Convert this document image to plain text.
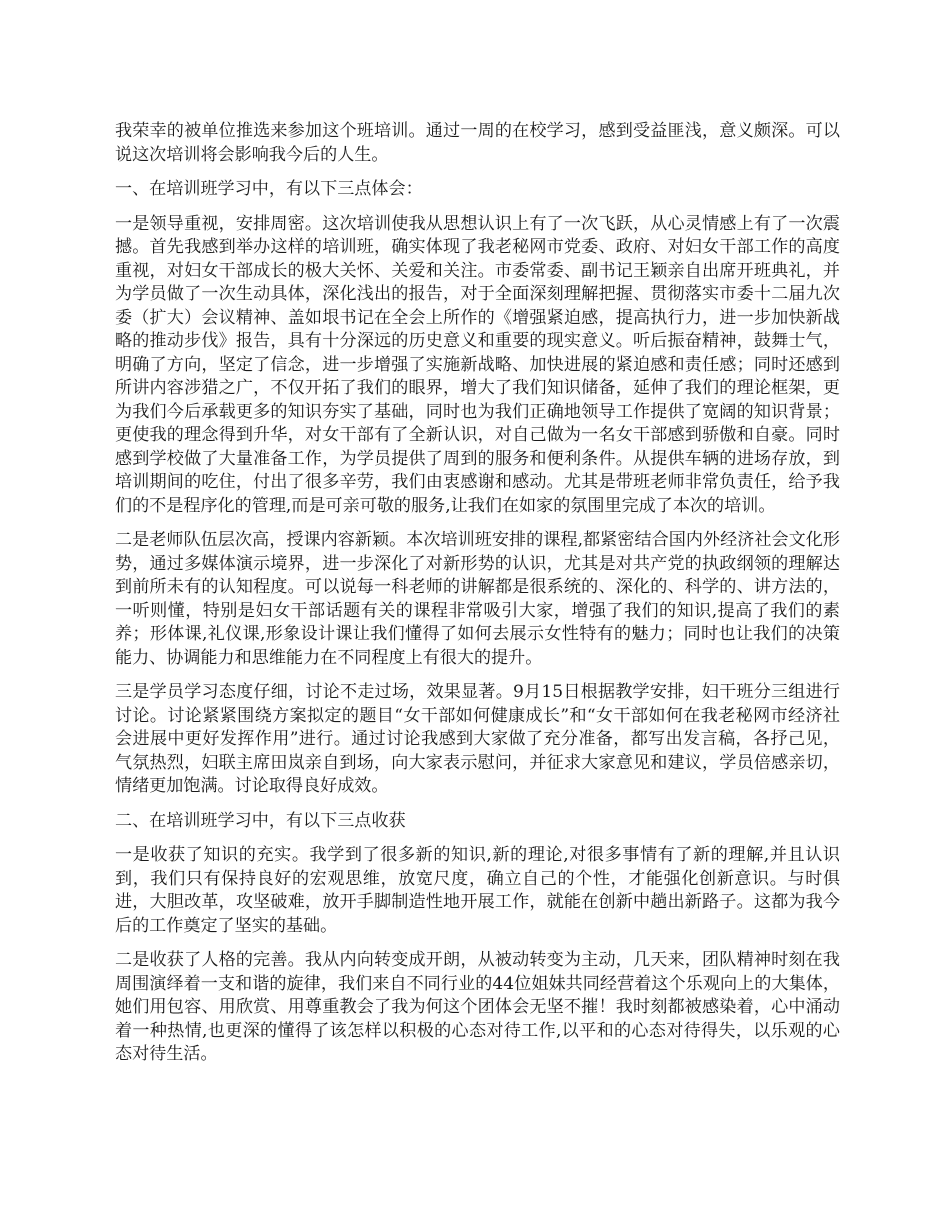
我荣幸的被单位推选来参加这个班培训。通过一周的在校学习，感到受益匪浅，意义颇深。可以说这次培训将会影响我今后的人生。

一、在培训班学习中，有以下三点体会：

一是领导重视，安排周密。这次培训使我从思想认识上有了一次飞跃，从心灵情感上有了一次震撼。首先我感到举办这样的培训班，确实体现了我老秘网市党委、政府、对妇女干部工作的高度重视，对妇女干部成长的极大关怀、关爱和关注。市委常委、副书记王颖亲自出席开班典礼，并为学员做了一次生动具体，深化浅出的报告，对于全面深刻理解把握、贯彻落实市委十二届九次委（扩大）会议精神、盖如垠书记在全会上所作的《增强紧迫感，提高执行力，进一步加快新战略的推动步伐》报告，具有十分深远的历史意义和重要的现实意义。听后振奋精神，鼓舞士气，明确了方向，坚定了信念，进一步增强了实施新战略、加快进展的紧迫感和责任感；同时还感到所讲内容涉猎之广，不仅开拓了我们的眼界，增大了我们知识储备，延伸了我们的理论框架，更为我们今后承载更多的知识夯实了基础，同时也为我们正确地领导工作提供了宽阔的知识背景；更使我的理念得到升华，对女干部有了全新认识，对自己做为一名女干部感到骄傲和自豪。同时感到学校做了大量准备工作，为学员提供了周到的服务和便利条件。从提供车辆的进场存放，到培训期间的吃住，付出了很多辛劳，我们由衷感谢和感动。尤其是带班老师非常负责任，给予我们的不是程序化的管理,而是可亲可敬的服务,让我们在如家的氛围里完成了本次的培训。

二是老师队伍层次高，授课内容新颖。本次培训班安排的课程,都紧密结合国内外经济社会文化形势，通过多媒体演示境界，进一步深化了对新形势的认识，尤其是对共产党的执政纲领的理解达到前所未有的认知程度。可以说每一科老师的讲解都是很系统的、深化的、科学的、讲方法的，一听则懂，特别是妇女干部话题有关的课程非常吸引大家，增强了我们的知识,提高了我们的素养；形体课,礼仪课,形象设计课让我们懂得了如何去展示女性特有的魅力；同时也让我们的决策能力、协调能力和思维能力在不同程度上有很大的提升。

三是学员学习态度仔细，讨论不走过场，效果显著。9月15日根据教学安排，妇干班分三组进行讨论。讨论紧紧围绕方案拟定的题目“女干部如何健康成长”和“女干部如何在我老秘网市经济社会进展中更好发挥作用”进行。通过讨论我感到大家做了充分准备，都写出发言稿，各抒己见，气氛热烈，妇联主席田岚亲自到场，向大家表示慰问，并征求大家意见和建议，学员倍感亲切，情绪更加饱满。讨论取得良好成效。

二、在培训班学习中，有以下三点收获

一是收获了知识的充实。我学到了很多新的知识,新的理论,对很多事情有了新的理解,并且认识到，我们只有保持良好的宏观思维，放宽尺度，确立自己的个性，才能强化创新意识。与时俱进，大胆改革，攻坚破难，放开手脚制造性地开展工作，就能在创新中趟出新路子。这都为我今后的工作奠定了坚实的基础。

二是收获了人格的完善。我从内向转变成开朗，从被动转变为主动，几天来，团队精神时刻在我周围演绎着一支和谐的旋律，我们来自不同行业的44位姐妹共同经营着这个乐观向上的大集体，她们用包容、用欣赏、用尊重教会了我为何这个团体会无坚不摧！我时刻都被感染着，心中涌动着一种热情,也更深的懂得了该怎样以积极的心态对待工作,以平和的心态对待得失，以乐观的心态对待生活。
